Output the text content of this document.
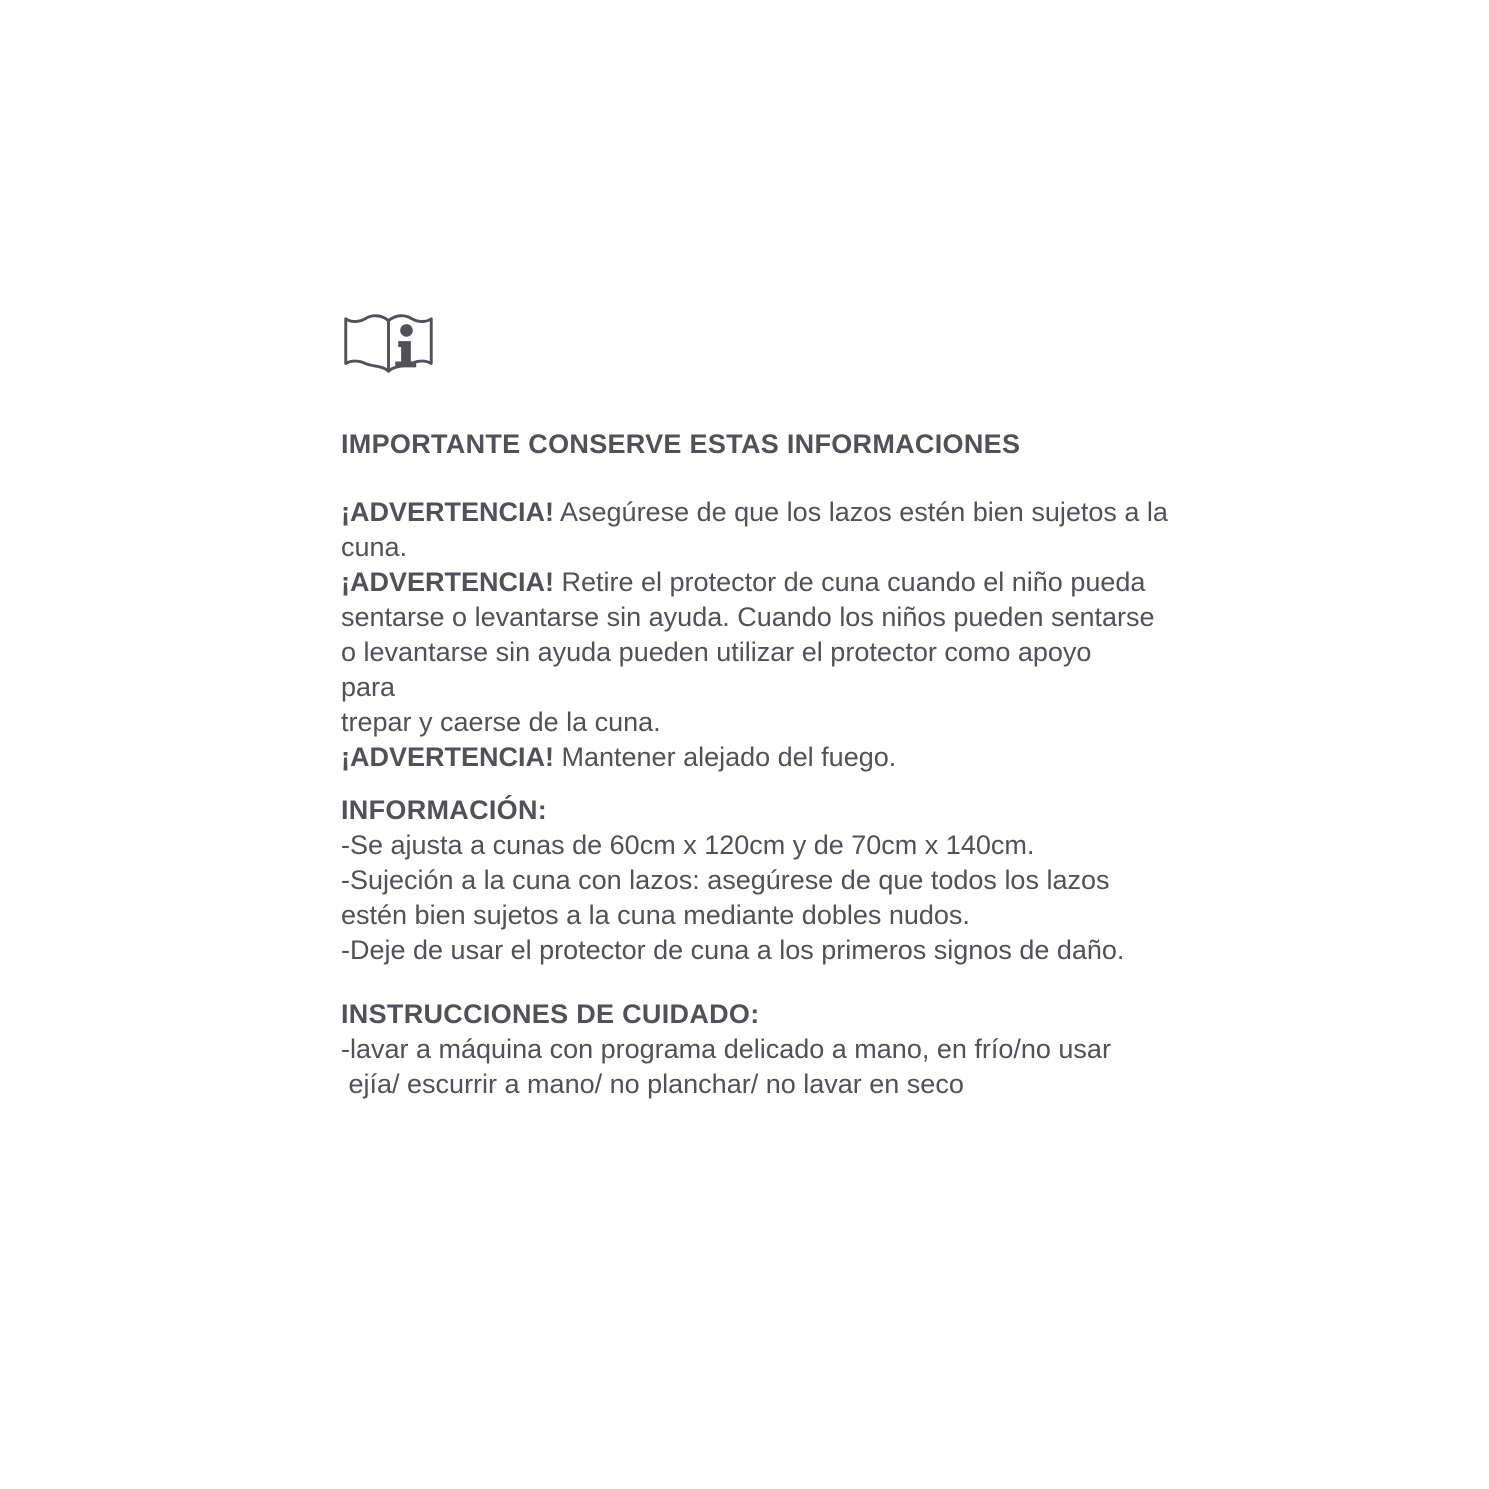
IMPORTANTE CONSERVE ESTAS INFORMACIONES
¡ADVERTENCIA! Asegúrese de que los lazos estén bien sujetos a la
cuna.
¡ADVERTENCIA! Retire el protector de cuna cuando el niño pueda
sentarse o levantarse sin ayuda. Cuando los niños pueden sentarse
o levantarse sin ayuda pueden utilizar el protector como apoyo
para
trepar y caerse de la cuna.
¡ADVERTENCIA! Mantener alejado del fuego.
INFORMACIÓN:
-Se ajusta a cunas de 60cm x 120cm y de 70cm x 140cm.
-Sujeción a la cuna con lazos: asegúrese de que todos los lazos
estén bien sujetos a la cuna mediante dobles nudos.
-Deje de usar el protector de cuna a los primeros signos de daño.
INSTRUCCIONES DE CUIDADO:
-lavar a máquina con programa delicado a mano, en frío/no usar
ejía/ escurrir a mano/ no planchar/ no lavar en seco
